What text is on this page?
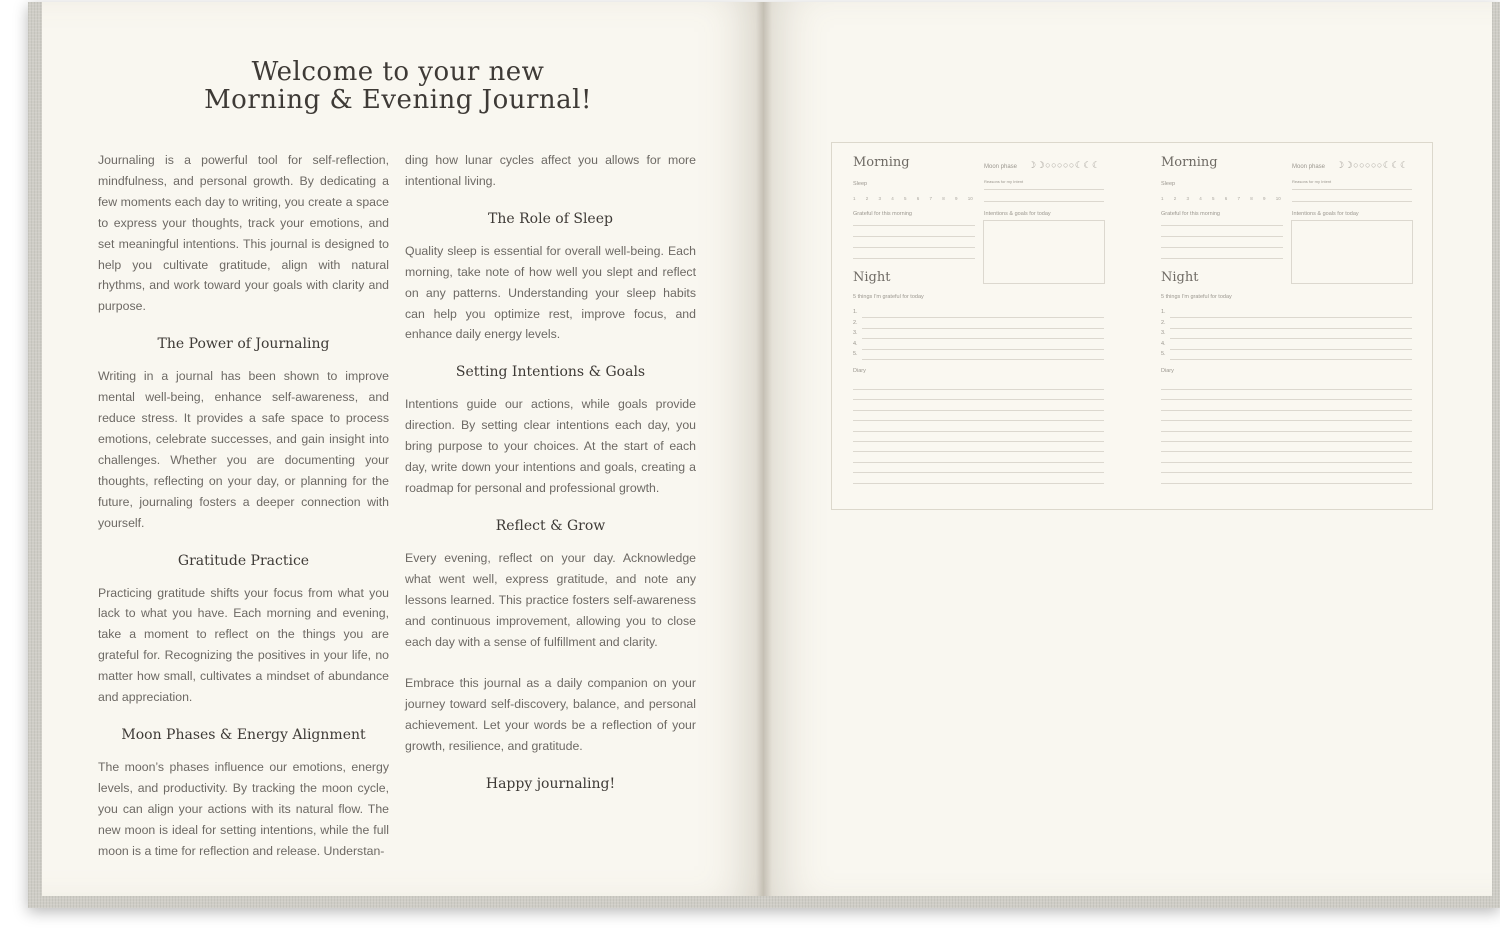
Welcome to your new
Morning & Evening Journal!

Journaling is a powerful tool for self-reflection, mindfulness, and personal growth. By dedicating a few moments each day to writing, you create a space to express your thoughts, track your emotions, and set meaningful intentions. This journal is designed to help you cultivate gratitude, align with natural rhythms, and work toward your goals with clarity and purpose.

The Power of Journaling

Writing in a journal has been shown to improve mental well-being, enhance self-awareness, and reduce stress. It provides a safe space to process emotions, celebrate successes, and gain insight into challenges. Whether you are documenting your thoughts, reflecting on your day, or planning for the future, journaling fosters a deeper connection with yourself.

Gratitude Practice

Practicing gratitude shifts your focus from what you lack to what you have. Each morning and evening, take a moment to reflect on the things you are grateful for. Recognizing the positives in your life, no matter how small, cultivates a mindset of abundance and appreciation.

Moon Phases & Energy Alignment

The moon’s phases influence our emotions, energy levels, and productivity. By tracking the moon cycle, you can align your actions with its natural flow. The new moon is ideal for setting intentions, while the full moon is a time for reflection and release. Understan-

ding how lunar cycles affect you allows for more intentional living.

The Role of Sleep

Quality sleep is essential for overall well-being. Each morning, take note of how well you slept and reflect on any patterns. Understanding your sleep habits can help you optimize rest, improve focus, and enhance daily energy levels.

Setting Intentions & Goals

Intentions guide our actions, while goals provide direction. By setting clear intentions each day, you bring purpose to your choices. At the start of each day, write down your intentions and goals, creating a roadmap for personal and professional growth.

Reflect & Grow

Every evening, reflect on your day. Acknowledge what went well, express gratitude, and note any lessons learned. This practice fosters self-awareness and continuous improvement, allowing you to close each day with a sense of fulfillment and clarity.

Embrace this journal as a daily companion on your journey toward self-discovery, balance, and personal achievement. Let your words be a reflection of your growth, resilience, and gratitude.

Happy journaling!
Morning	Moon phase ☽☽○○○○○☾☾☾
Reasons for my Intent
Sleep
1 2 3 4 5 6 7 8 9 10
Grateful for this morning	Intentions & goals for today
Night
5 things I'm grateful for today
1.
2.
3.
4.
5.
Diary
Morning	Moon phase ☽☽○○○○○☾☾☾
Reasons for my Intent
Sleep
1 2 3 4 5 6 7 8 9 10
Grateful for this morning	Intentions & goals for today
Night
5 things I'm grateful for today
1.
2.
3.
4.
5.
Diary
